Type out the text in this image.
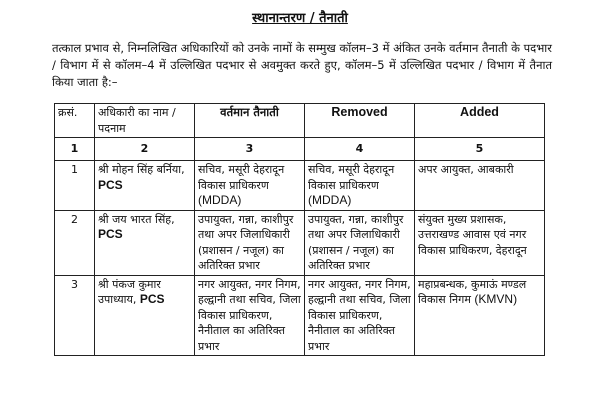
स्थानान्तरण / तैनाती
तत्काल प्रभाव से, निम्नलिखित अधिकारियों को उनके नामों के सम्मुख कॉलम–3 में अंकित उनके वर्तमान तैनाती के पदभार / विभाग में से कॉलम–4 में उल्लिखित पदभार से अवमुक्त करते हुए, कॉलम–5 में उल्लिखित पदभार / विभाग में तैनात किया जाता है:–
क्रसं.	अधिकारी का नाम / पदनाम	वर्तमान तैनाती	Removed	Added
1	2	3	4	5
1	श्री मोहन सिंह बर्निया, PCS	सचिव, मसूरी देहरादून विकास प्राधिकरण (MDDA)	सचिव, मसूरी देहरादून विकास प्राधिकरण (MDDA)	अपर आयुक्त, आबकारी
2	श्री जय भारत सिंह, PCS	उपायुक्त, गन्ना, काशीपुर तथा अपर जिलाधिकारी (प्रशासन / नजूल) का अतिरिक्त प्रभार	उपायुक्त, गन्ना, काशीपुर तथा अपर जिलाधिकारी (प्रशासन / नजूल) का अतिरिक्त प्रभार	संयुक्त मुख्य प्रशासक, उत्तराखण्ड आवास एवं नगर विकास प्राधिकरण, देहरादून
3	श्री पंकज कुमार उपाध्याय, PCS	नगर आयुक्त, नगर निगम, हल्द्वानी तथा सचिव, जिला विकास प्राधिकरण, नैनीताल का अतिरिक्त प्रभार	नगर आयुक्त, नगर निगम, हल्द्वानी तथा सचिव, जिला विकास प्राधिकरण, नैनीताल का अतिरिक्त प्रभार	महाप्रबन्धक, कुमाऊं मण्डल विकास निगम (KMVN)
